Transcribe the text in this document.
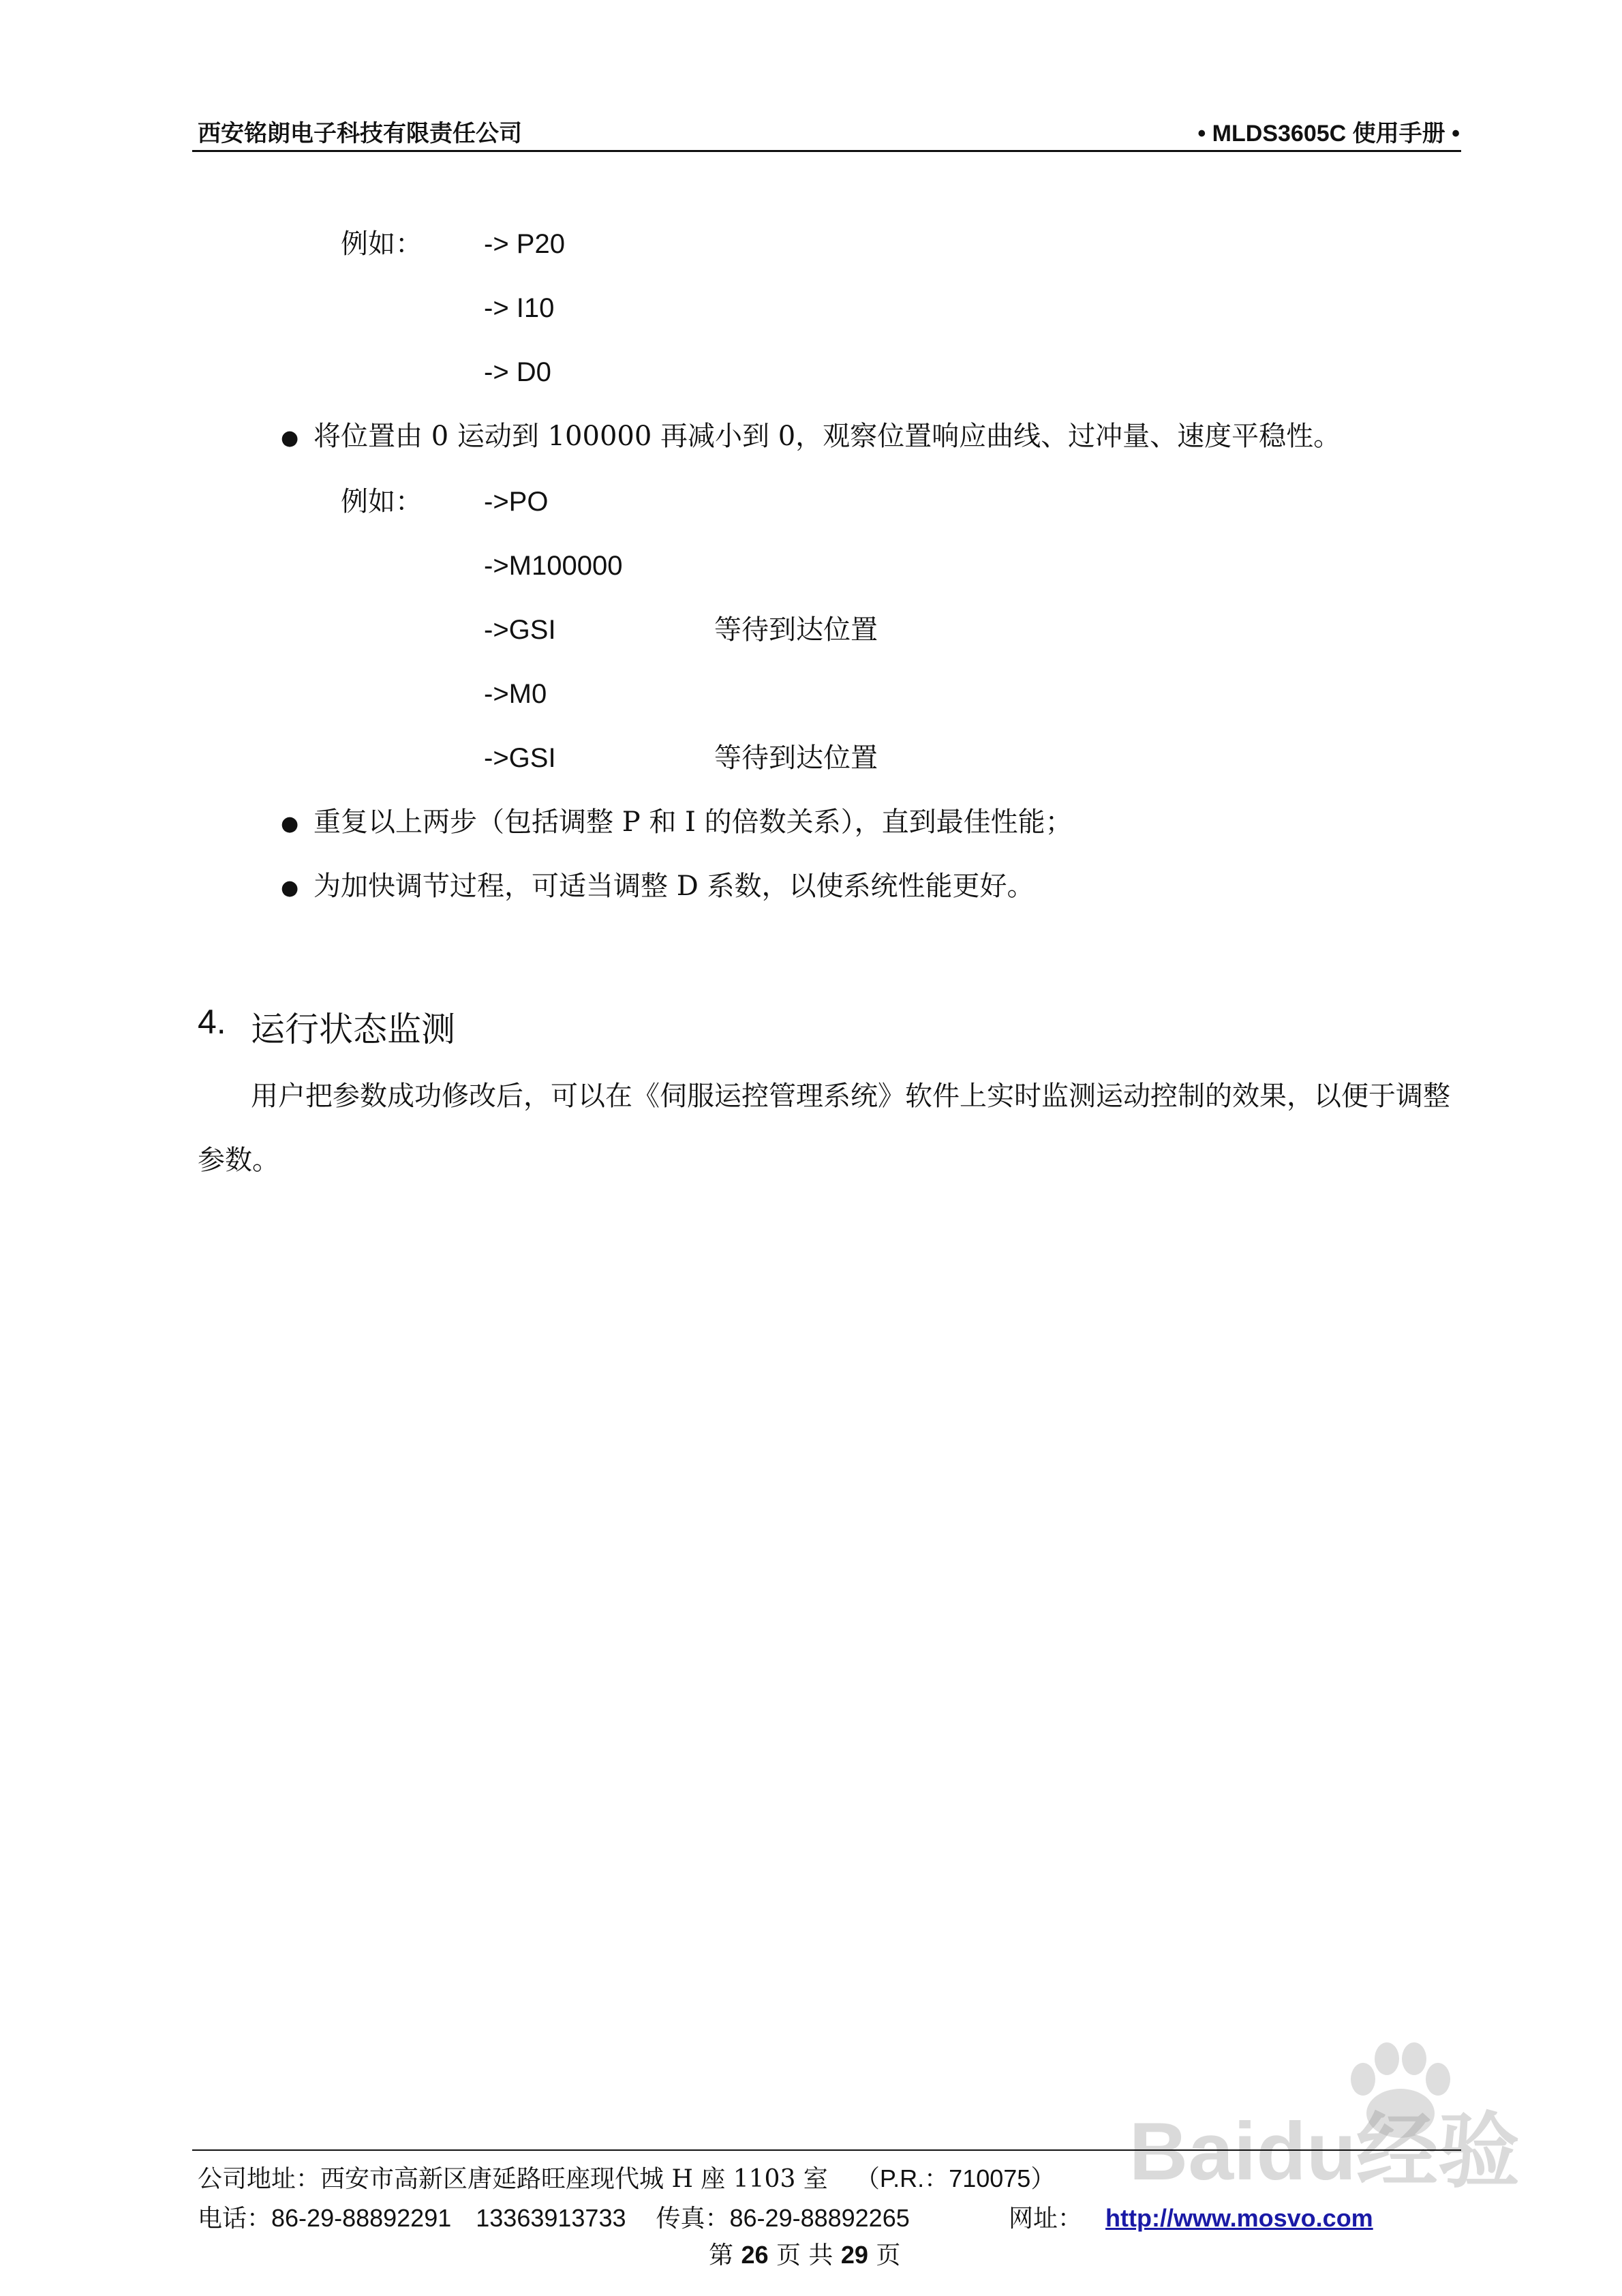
西安铭朗电子科技有限责任公司	• MLDS3605C 使用手册 •
例如： -> P20
-> I10
-> D0
● 将位置由 0 运动到 100000 再减小到 0，观察位置响应曲线、过冲量、速度平稳性。
例如： ->PO
->M100000
->GSI	等待到达位置
->M0
->GSI	等待到达位置
● 重复以上两步（包括调整 P 和 I 的倍数关系），直到最佳性能；
● 为加快调节过程，可适当调整 D 系数，以使系统性能更好。
4. 运行状态监测
用户把参数成功修改后，可以在《伺服运控管理系统》软件上实时监测运动控制的效果，以便于调整
参数。
Baidu经验
公司地址：西安市高新区唐延路旺座现代城 H 座 1103 室 （P.R.：710075）
电话：86-29-88892291 13363913733 传真：86-29-88892265	网址： http://www.mosvo.com
第 26 页 共 29 页
